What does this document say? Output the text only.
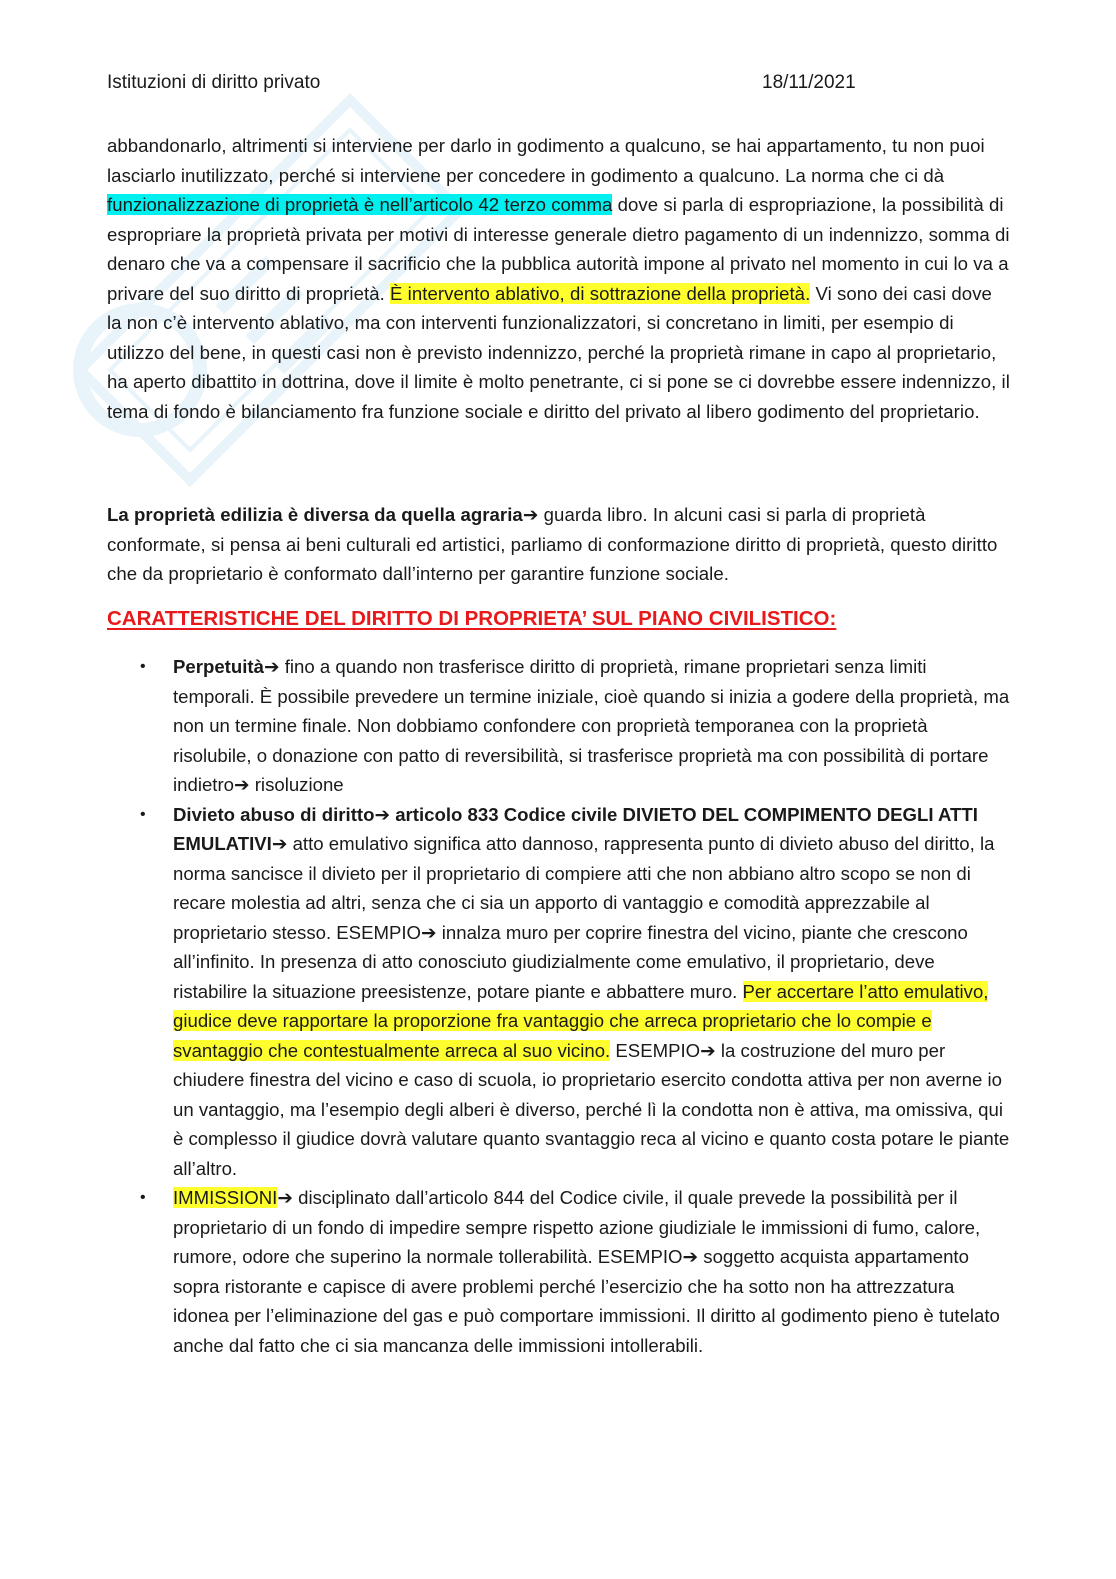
Istituzioni di diritto privato	18/11/2021

abbandonarlo, altrimenti si interviene per darlo in godimento a qualcuno, se hai appartamento, tu non puoi lasciarlo inutilizzato, perché si interviene per concedere in godimento a qualcuno. La norma che ci dà funzionalizzazione di proprietà è nell’articolo 42 terzo comma dove si parla di espropriazione, la possibilità di espropriare la proprietà privata per motivi di interesse generale dietro pagamento di un indennizzo, somma di denaro che va a compensare il sacrificio che la pubblica autorità impone al privato nel momento in cui lo va a privare del suo diritto di proprietà. È intervento ablativo, di sottrazione della proprietà. Vi sono dei casi dove la non c’è intervento ablativo, ma con interventi funzionalizzatori, si concretano in limiti, per esempio di utilizzo del bene, in questi casi non è previsto indennizzo, perché la proprietà rimane in capo al proprietario, ha aperto dibattito in dottrina, dove il limite è molto penetrante, ci si pone se ci dovrebbe essere indennizzo, il tema di fondo è bilanciamento fra funzione sociale e diritto del privato al libero godimento del proprietario.

La proprietà edilizia è diversa da quella agraria➔ guarda libro. In alcuni casi si parla di proprietà conformate, si pensa ai beni culturali ed artistici, parliamo di conformazione diritto di proprietà, questo diritto che da proprietario è conformato dall’interno per garantire funzione sociale.

CARATTERISTICHE DEL DIRITTO DI PROPRIETA’ SUL PIANO CIVILISTICO:
• Perpetuità➔ fino a quando non trasferisce diritto di proprietà, rimane proprietari senza limiti temporali. È possibile prevedere un termine iniziale, cioè quando si inizia a godere della proprietà, ma non un termine finale. Non dobbiamo confondere con proprietà temporanea con la proprietà risolubile, o donazione con patto di reversibilità, si trasferisce proprietà ma con possibilità di portare indietro➔ risoluzione
• Divieto abuso di diritto➔ articolo 833 Codice civile DIVIETO DEL COMPIMENTO DEGLI ATTI EMULATIVI➔ atto emulativo significa atto dannoso, rappresenta punto di divieto abuso del diritto, la norma sancisce il divieto per il proprietario di compiere atti che non abbiano altro scopo se non di recare molestia ad altri, senza che ci sia un apporto di vantaggio e comodità apprezzabile al proprietario stesso. ESEMPIO➔ innalza muro per coprire finestra del vicino, piante che crescono all’infinito. In presenza di atto conosciuto giudizialmente come emulativo, il proprietario, deve ristabilire la situazione preesistenze, potare piante e abbattere muro. Per accertare l’atto emulativo, giudice deve rapportare la proporzione fra vantaggio che arreca proprietario che lo compie e svantaggio che contestualmente arreca al suo vicino. ESEMPIO➔ la costruzione del muro per chiudere finestra del vicino e caso di scuola, io proprietario esercito condotta attiva per non averne io un vantaggio, ma l’esempio degli alberi è diverso, perché lì la condotta non è attiva, ma omissiva, qui è complesso il giudice dovrà valutare quanto svantaggio reca al vicino e quanto costa potare le piante all’altro.
• IMMISSIONI➔ disciplinato dall’articolo 844 del Codice civile, il quale prevede la possibilità per il proprietario di un fondo di impedire sempre rispetto azione giudiziale le immissioni di fumo, calore, rumore, odore che superino la normale tollerabilità. ESEMPIO➔ soggetto acquista appartamento sopra ristorante e capisce di avere problemi perché l’esercizio che ha sotto non ha attrezzatura idonea per l’eliminazione del gas e può comportare immissioni. Il diritto al godimento pieno è tutelato anche dal fatto che ci sia mancanza delle immissioni intollerabili.
